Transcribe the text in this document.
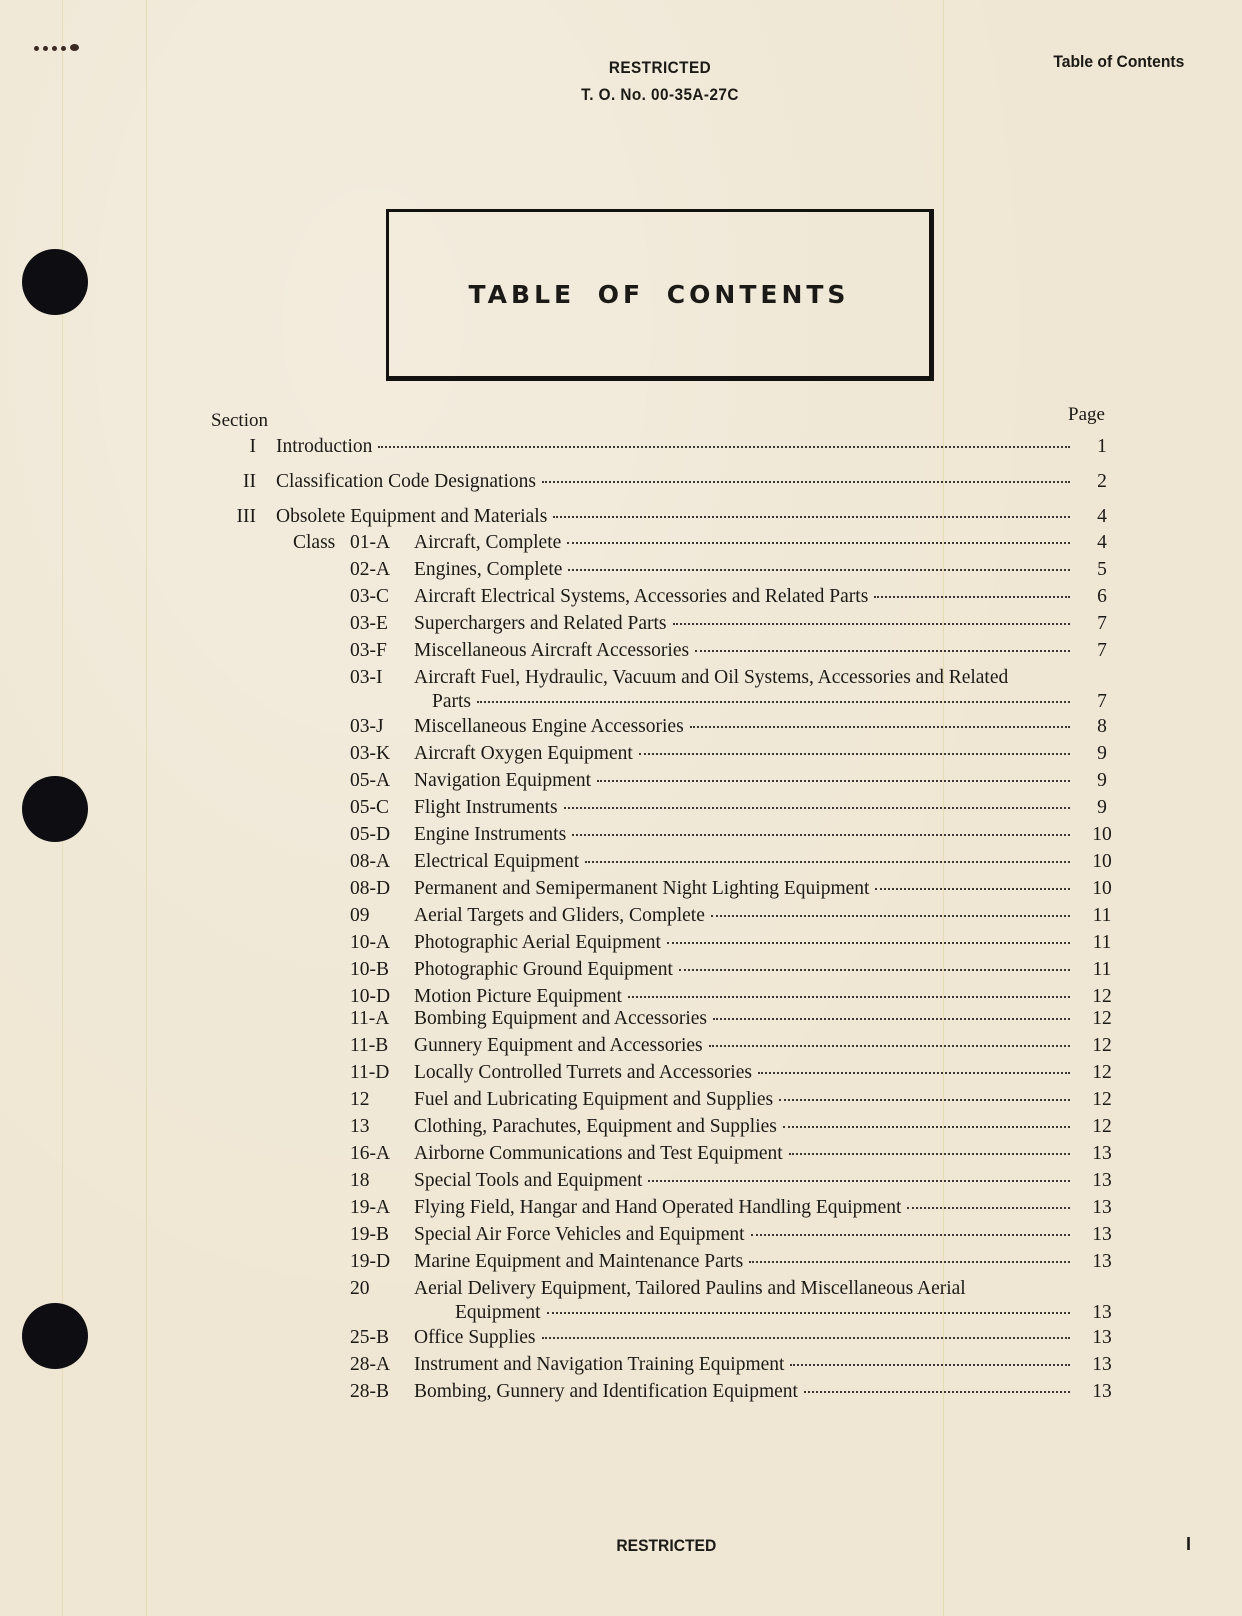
RESTRICTED
T. O. No. 00-35A-27C
Table of Contents
TABLE OF CONTENTS
Section	Page
I Introduction	1
II Classification Code Designations	2
III Obsolete Equipment and Materials	4
Class 01-A Aircraft, Complete	4
02-A Engines, Complete	5
03-C Aircraft Electrical Systems, Accessories and Related Parts	6
03-E Superchargers and Related Parts	7
03-F Miscellaneous Aircraft Accessories	7
03-I Aircraft Fuel, Hydraulic, Vacuum and Oil Systems, Accessories and Related
Parts	7
03-J Miscellaneous Engine Accessories	8
03-K Aircraft Oxygen Equipment	9
05-A Navigation Equipment	9
05-C Flight Instruments	9
05-D Engine Instruments	10
08-A Electrical Equipment	10
08-D Permanent and Semipermanent Night Lighting Equipment	10
09 Aerial Targets and Gliders, Complete	11
10-A Photographic Aerial Equipment	11
10-B Photographic Ground Equipment	11
10-D Motion Picture Equipment	12
11-A Bombing Equipment and Accessories	12
11-B Gunnery Equipment and Accessories	12
11-D Locally Controlled Turrets and Accessories	12
12 Fuel and Lubricating Equipment and Supplies	12
13 Clothing, Parachutes, Equipment and Supplies	12
16-A Airborne Communications and Test Equipment	13
18 Special Tools and Equipment	13
19-A Flying Field, Hangar and Hand Operated Handling Equipment	13
19-B Special Air Force Vehicles and Equipment	13
19-D Marine Equipment and Maintenance Parts	13
20 Aerial Delivery Equipment, Tailored Paulins and Miscellaneous Aerial
Equipment	13
25-B Office Supplies	13
28-A Instrument and Navigation Training Equipment	13
28-B Bombing, Gunnery and Identification Equipment	13
RESTRICTED	I
